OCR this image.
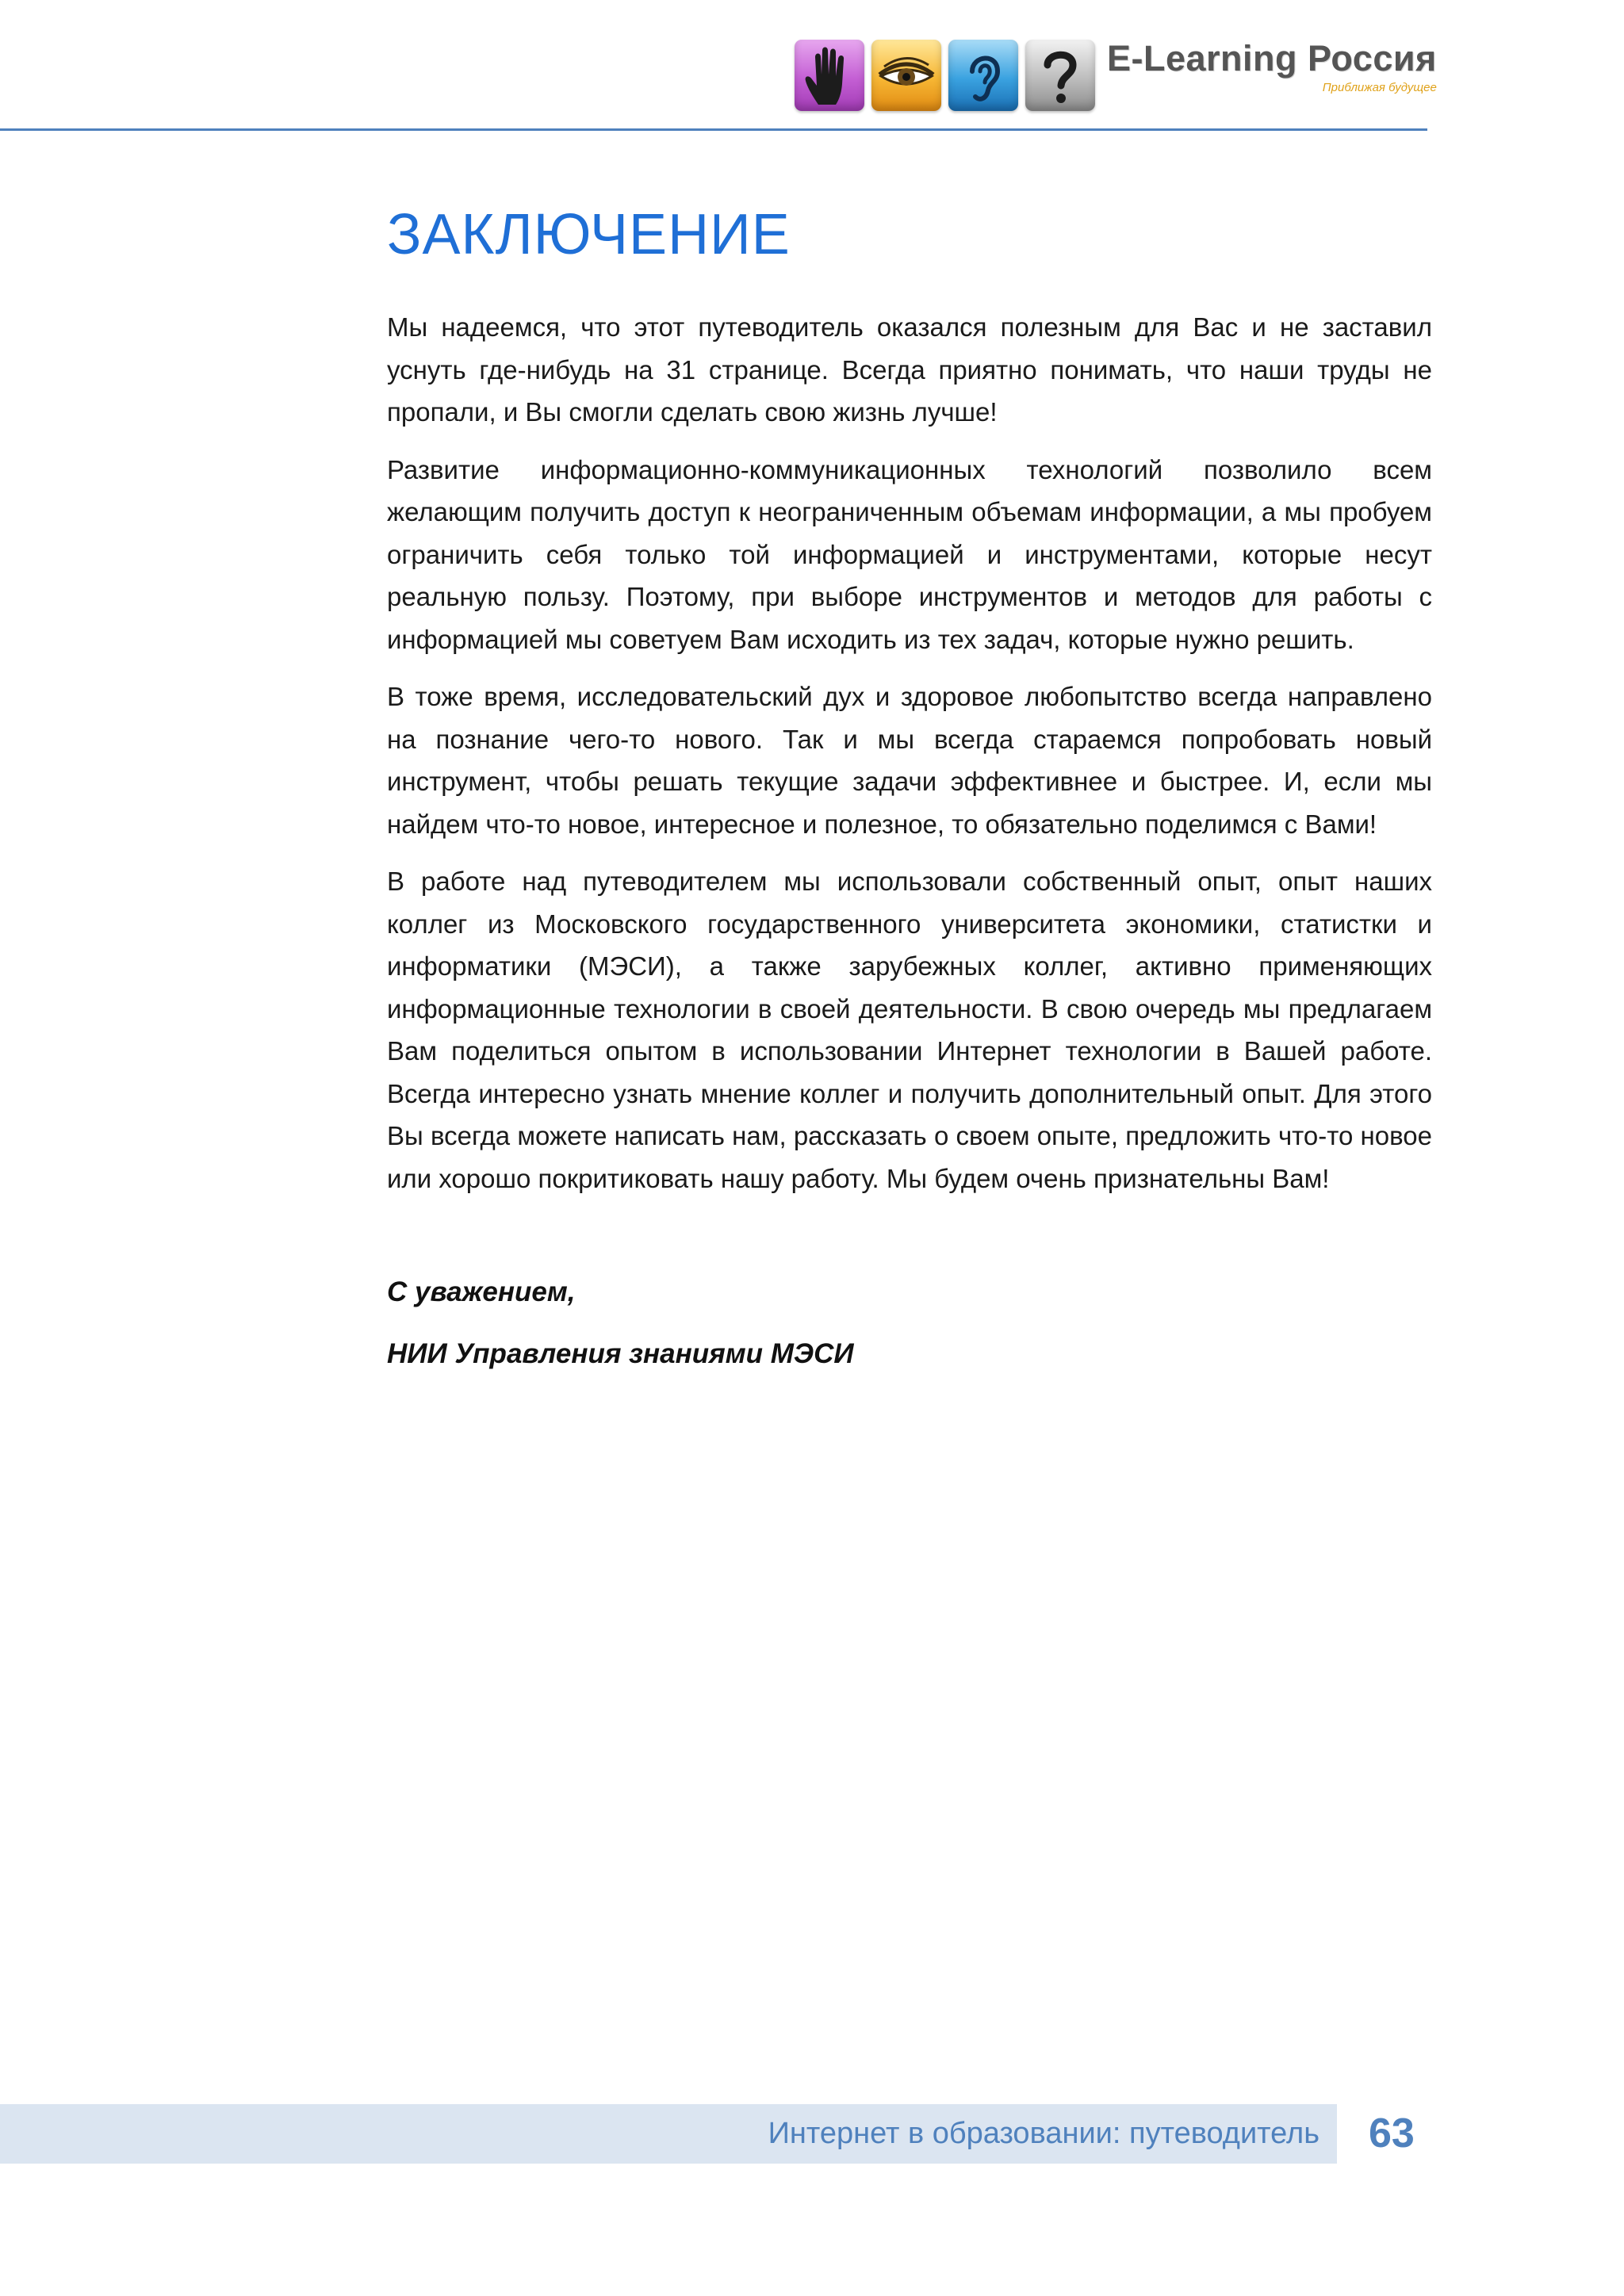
E-Learning Россия
Приближая будущее
ЗАКЛЮЧЕНИЕ

Мы надеемся, что этот путеводитель оказался полезным для Вас и не заставил уснуть где-нибудь на 31 странице. Всегда приятно понимать, что наши труды не пропали, и Вы смогли сделать свою жизнь лучше!

Развитие информационно-коммуникационных технологий позволило всем желающим получить доступ к неограниченным объемам информации, а мы пробуем ограничить себя только той информацией и инструментами, которые несут реальную пользу. Поэтому, при выборе инструментов и методов для работы с информацией мы советуем Вам исходить из тех задач, которые нужно решить.

В тоже время, исследовательский дух и здоровое любопытство всегда направлено на познание чего-то нового. Так и мы всегда стараемся попробовать новый инструмент, чтобы решать текущие задачи эффективнее и быстрее. И, если мы найдем что-то новое, интересное и полезное, то обязательно поделимся с Вами!

В работе над путеводителем мы использовали собственный опыт, опыт наших коллег из Московского государственного университета экономики, статистки и информатики (МЭСИ), а также зарубежных коллег, активно применяющих информационные технологии в своей деятельности. В свою очередь мы предлагаем Вам поделиться опытом в использовании Интернет технологии в Вашей работе. Всегда интересно узнать мнение коллег и получить дополнительный опыт. Для этого Вы всегда можете написать нам, рассказать о своем опыте, предложить что-то новое или хорошо покритиковать нашу работу. Мы будем очень признательны Вам!

С уважением,

НИИ Управления знаниями МЭСИ

Интернет в образовании: путеводитель	63
